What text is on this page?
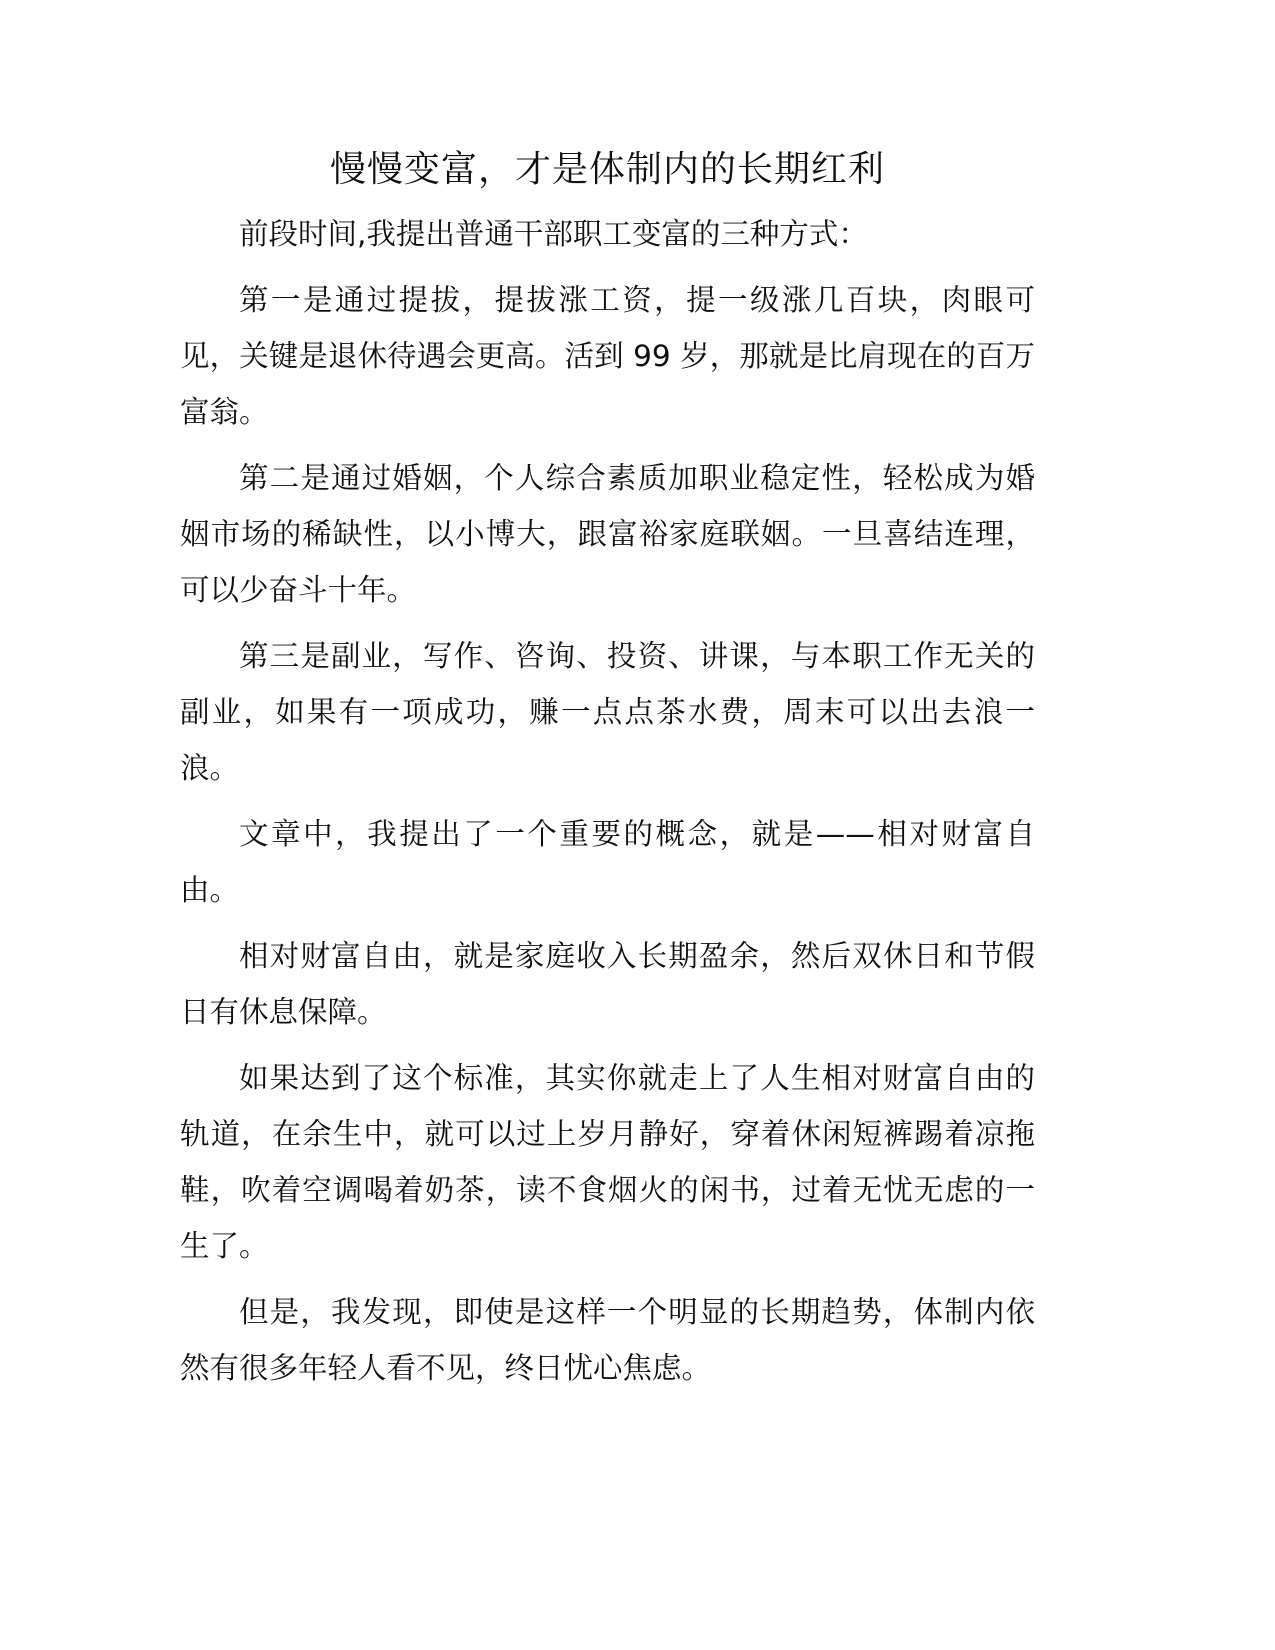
慢慢变富，才是体制内的长期红利

前段时间,我提出普通干部职工变富的三种方式：

第一是通过提拔，提拔涨工资，提一级涨几百块，肉眼可见，关键是退休待遇会更高。活到 99 岁，那就是比肩现在的百万富翁。

第二是通过婚姻，个人综合素质加职业稳定性，轻松成为婚姻市场的稀缺性，以小博大，跟富裕家庭联姻。一旦喜结连理，可以少奋斗十年。

第三是副业，写作、咨询、投资、讲课，与本职工作无关的副业，如果有一项成功，赚一点点茶水费，周末可以出去浪一浪。

文章中，我提出了一个重要的概念，就是——相对财富自由。

相对财富自由，就是家庭收入长期盈余，然后双休日和节假日有休息保障。

如果达到了这个标准，其实你就走上了人生相对财富自由的轨道，在余生中，就可以过上岁月静好，穿着休闲短裤踢着凉拖鞋，吹着空调喝着奶茶，读不食烟火的闲书，过着无忧无虑的一生了。

但是，我发现，即使是这样一个明显的长期趋势，体制内依然有很多年轻人看不见，终日忧心焦虑。
